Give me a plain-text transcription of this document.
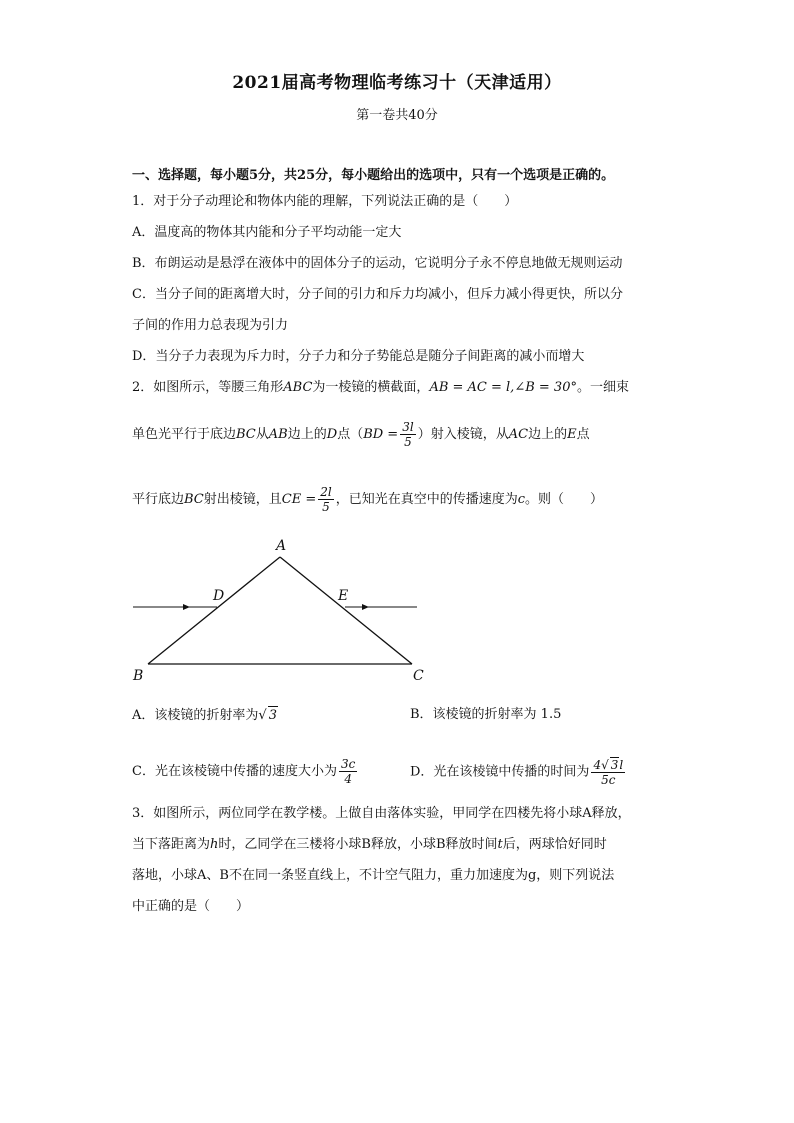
2021届高考物理临考练习十（天津适用）
第一卷共40分
一、选择题，每小题5分，共25分，每小题给出的选项中，只有一个选项是正确的。
1．对于分子动理论和物体内能的理解，下列说法正确的是（　　）
A．温度高的物体其内能和分子平均动能一定大
B．布朗运动是悬浮在液体中的固体分子的运动，它说明分子永不停息地做无规则运动
C．当分子间的距离增大时，分子间的引力和斥力均减小，但斥力减小得更快，所以分
子间的作用力总表现为引力
D．当分子力表现为斥力时，分子力和分子势能总是随分子间距离的减小而增大
2．如图所示，等腰三角形ABC为一棱镜的横截面，AB = AC = l,∠B = 30°。一细束
单色光平行于底边BC从AB边上的D点（$BD = \frac{3l}{5}$ ）射入棱镜，从AC边上的E点
平行底边BC射出棱镜，且CE = $\frac{2l}{5}$ ，已知光在真空中的传播速度为c。则（　　）
A
B	C
D	E
A．该棱镜的折射率为√ 3	B．该棱镜的折射率为 1.5
C．光在该棱镜中传播的速度大小为 $\frac{3c}{4}$	D．光在该棱镜中传播的时间为 $\frac{4√ 3l}{5c}$
3．如图所示，两位同学在教学楼。上做自由落体实验，甲同学在四楼先将小球A释放，
当下落距离为h时，乙同学在三楼将小球B释放，小球B释放时间t后，两球恰好同时
落地，小球A、B不在同一条竖直线上，不计空气阻力，重力加速度为g，则下列说法
中正确的是（　　）
